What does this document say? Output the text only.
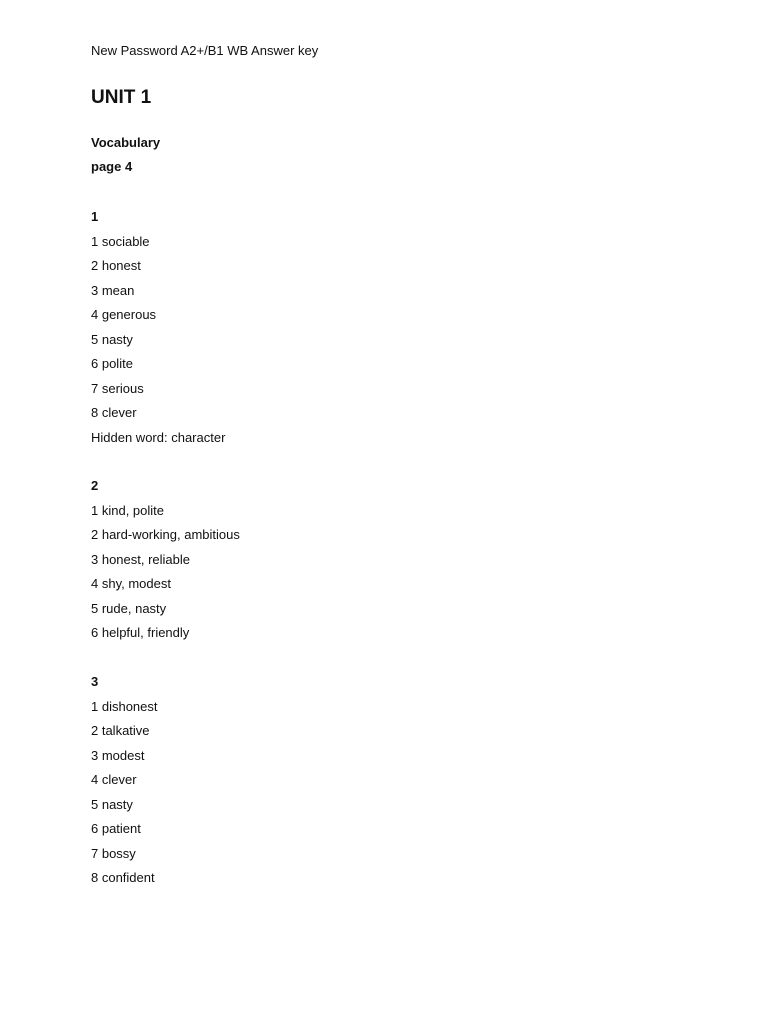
New Password A2+/B1 WB Answer key

UNIT 1

Vocabulary

page 4

1
1 sociable
2 honest
3 mean
4 generous
5 nasty
6 polite
7 serious
8 clever
Hidden word: character
2
1 kind, polite
2 hard-working, ambitious
3 honest, reliable
4 shy, modest
5 rude, nasty
6 helpful, friendly
3
1 dishonest
2 talkative
3 modest
4 clever
5 nasty
6 patient
7 bossy
8 confident
